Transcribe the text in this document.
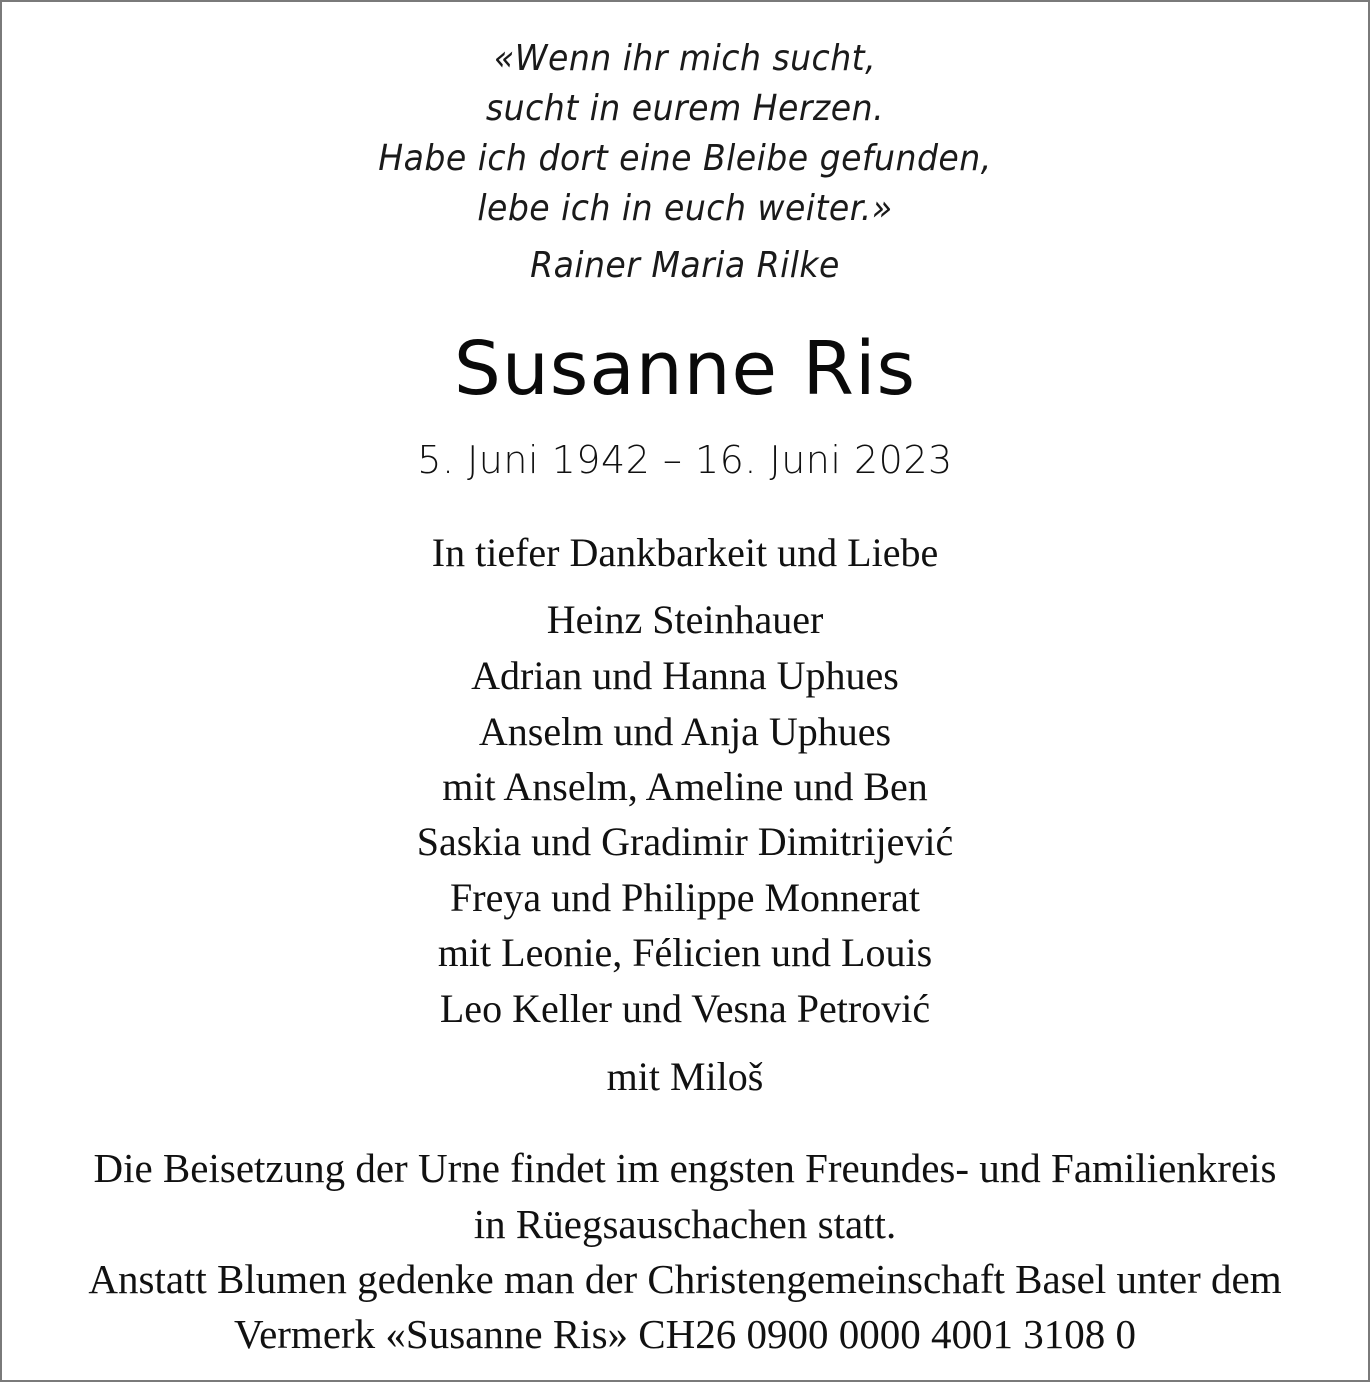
«Wenn ihr mich sucht,
sucht in eurem Herzen.
Habe ich dort eine Bleibe gefunden,
lebe ich in euch weiter.»
Rainer Maria Rilke
Susanne Ris
5. Juni 1942 – 16. Juni 2023
In tiefer Dankbarkeit und Liebe
Heinz Steinhauer
Adrian und Hanna Uphues
Anselm und Anja Uphues
mit Anselm, Ameline und Ben
Saskia und Gradimir Dimitrijević
Freya und Philippe Monnerat
mit Leonie, Félicien und Louis
Leo Keller und Vesna Petrović
mit Miloš
Die Beisetzung der Urne findet im engsten Freundes- und Familienkreis
in Rüegsauschachen statt.
Anstatt Blumen gedenke man der Christengemeinschaft Basel unter dem
Vermerk «Susanne Ris» CH26 0900 0000 4001 3108 0
